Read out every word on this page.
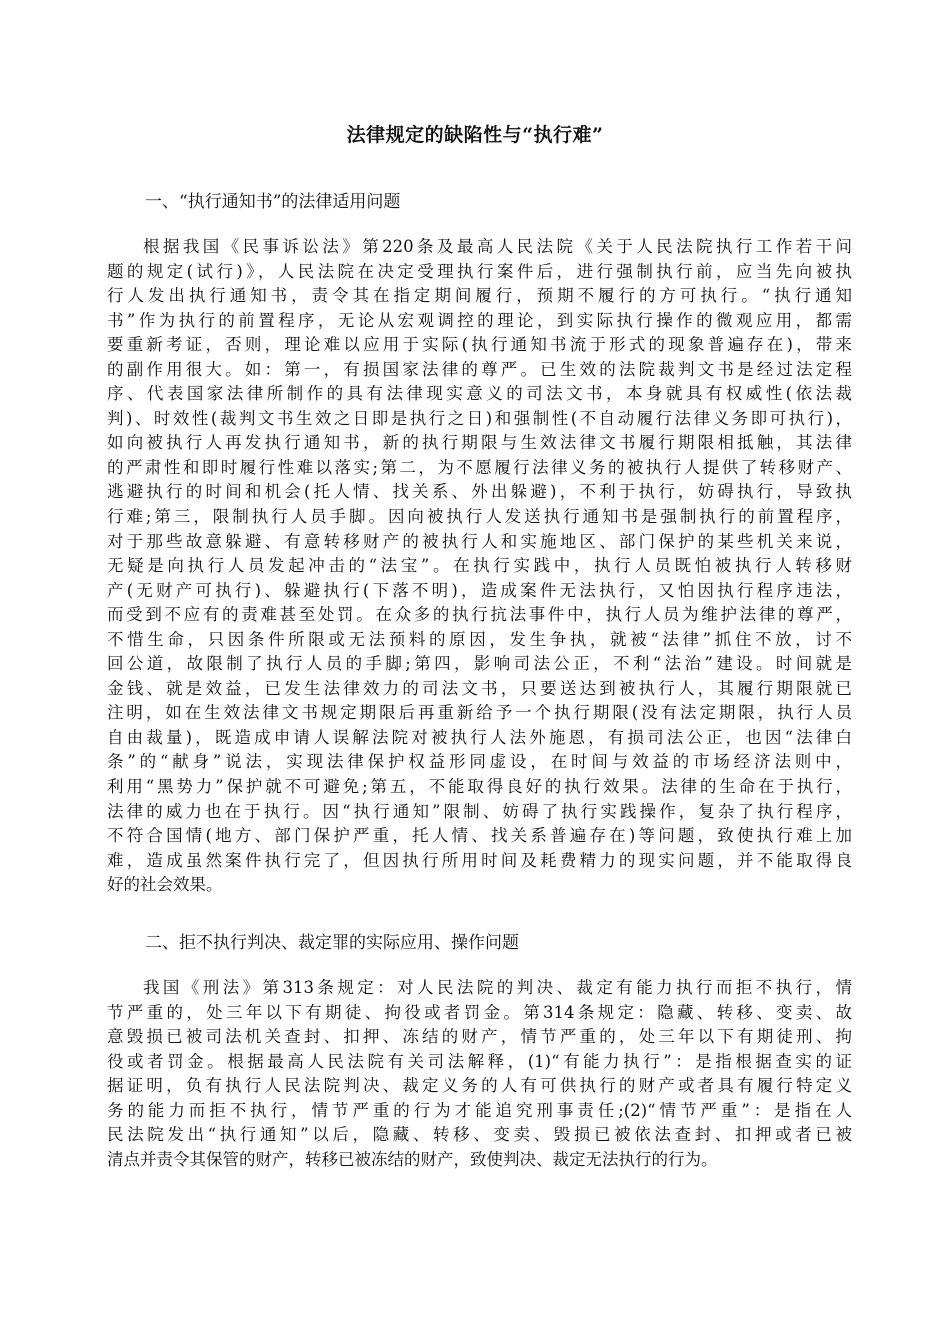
法律规定的缺陷性与“执行难”

一、“执行通知书”的法律适用问题

根据我国《民事诉讼法》第220条及最高人民法院《关于人民法院执行工作若干问
题的规定(试行)》，人民法院在决定受理执行案件后，进行强制执行前，应当先向被执
行人发出执行通知书，责令其在指定期间履行，预期不履行的方可执行。“执行通知
书”作为执行的前置程序，无论从宏观调控的理论，到实际执行操作的微观应用，都需
要重新考证，否则，理论难以应用于实际(执行通知书流于形式的现象普遍存在)，带来
的副作用很大。如：第一，有损国家法律的尊严。已生效的法院裁判文书是经过法定程
序、代表国家法律所制作的具有法律现实意义的司法文书，本身就具有权威性(依法裁
判)、时效性(裁判文书生效之日即是执行之日)和强制性(不自动履行法律义务即可执行)，
如向被执行人再发执行通知书，新的执行期限与生效法律文书履行期限相抵触，其法律
的严肃性和即时履行性难以落实;第二，为不愿履行法律义务的被执行人提供了转移财产、
逃避执行的时间和机会(托人情、找关系、外出躲避)，不利于执行，妨碍执行，导致执
行难;第三，限制执行人员手脚。因向被执行人发送执行通知书是强制执行的前置程序，
对于那些故意躲避、有意转移财产的被执行人和实施地区、部门保护的某些机关来说，
无疑是向执行人员发起冲击的“法宝”。在执行实践中，执行人员既怕被执行人转移财
产(无财产可执行)、躲避执行(下落不明)，造成案件无法执行，又怕因执行程序违法，
而受到不应有的责难甚至处罚。在众多的执行抗法事件中，执行人员为维护法律的尊严，
不惜生命，只因条件所限或无法预料的原因，发生争执，就被“法律”抓住不放，讨不
回公道，故限制了执行人员的手脚;第四，影响司法公正，不利“法治”建设。时间就是
金钱、就是效益，已发生法律效力的司法文书，只要送达到被执行人，其履行期限就已
注明，如在生效法律文书规定期限后再重新给予一个执行期限(没有法定期限，执行人员
自由裁量)，既造成申请人误解法院对被执行人法外施恩，有损司法公正，也因“法律白
条”的“献身”说法，实现法律保护权益形同虚设，在时间与效益的市场经济法则中，
利用“黑势力”保护就不可避免;第五，不能取得良好的执行效果。法律的生命在于执行，
法律的威力也在于执行。因“执行通知”限制、妨碍了执行实践操作，复杂了执行程序，
不符合国情(地方、部门保护严重，托人情、找关系普遍存在)等问题，致使执行难上加
难，造成虽然案件执行完了，但因执行所用时间及耗费精力的现实问题，并不能取得良
好的社会效果。

二、拒不执行判决、裁定罪的实际应用、操作问题

我国《刑法》第313条规定：对人民法院的判决、裁定有能力执行而拒不执行，情
节严重的，处三年以下有期徒、拘役或者罚金。第314条规定：隐藏、转移、变卖、故
意毁损已被司法机关查封、扣押、冻结的财产，情节严重的，处三年以下有期徒刑、拘
役或者罚金。根据最高人民法院有关司法解释，(1)“有能力执行”：是指根据查实的证
据证明，负有执行人民法院判决、裁定义务的人有可供执行的财产或者具有履行特定义
务的能力而拒不执行，情节严重的行为才能追究刑事责任;(2)“情节严重”：是指在人
民法院发出“执行通知”以后，隐藏、转移、变卖、毁损已被依法查封、扣押或者已被
清点并责令其保管的财产，转移已被冻结的财产，致使判决、裁定无法执行的行为。
